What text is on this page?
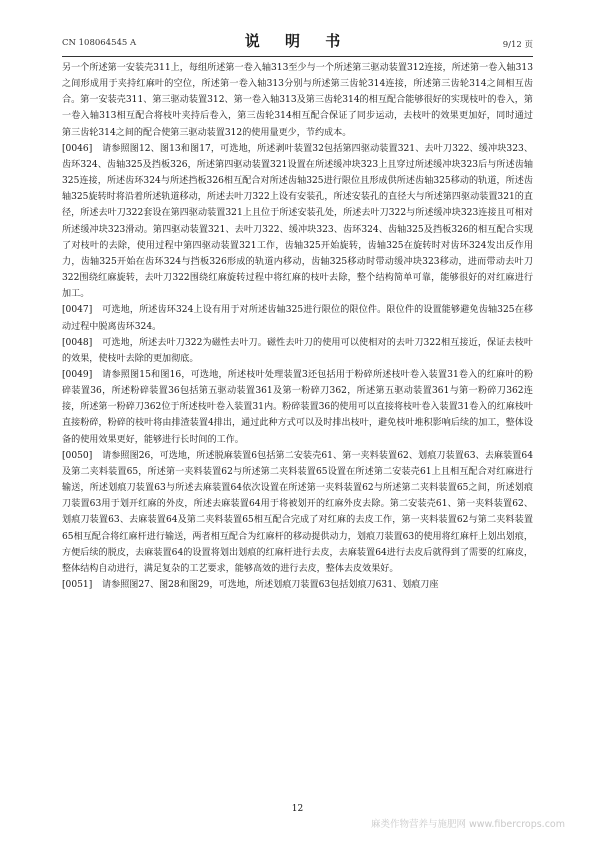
CN 108064545 A	说 明 书	9/12 页

另一个所述第一安装壳311上，每组所述第一卷入轴313至少与一个所述第三驱动装置312连接，所述第一卷入轴313之间形成用于夹持红麻叶的空位，所述第一卷入轴313分别与所述第三齿轮314连接，所述第三齿轮314之间相互齿合。第一安装壳311、第三驱动装置312、第一卷入轴313及第三齿轮314的相互配合能够很好的实现枝叶的卷入，第一卷入轴313相互配合将枝叶夹持后卷入，第三齿轮314相互配合保证了同步运动，去枝叶的效果更加好，同时通过第三齿轮314之间的配合使第三驱动装置312的使用量更少，节约成本。

[0046] 请参照图12、图13和图17，可选地，所述剥叶装置32包括第四驱动装置321、去叶刀322、缓冲块323、齿环324、齿轴325及挡板326，所述第四驱动装置321设置在所述缓冲块323上且穿过所述缓冲块323后与所述齿轴325连接，所述齿环324与所述挡板326相互配合对所述齿轴325进行限位且形成供所述齿轴325移动的轨道，所述齿轴325旋转时将沿着所述轨道移动，所述去叶刀322上设有安装孔，所述安装孔的直径大与所述第四驱动装置321的直径，所述去叶刀322套设在第四驱动装置321上且位于所述安装孔处，所述去叶刀322与所述缓冲块323连接且可相对所述缓冲块323滑动。第四驱动装置321、去叶刀322、缓冲块323、齿环324、齿轴325及挡板326的相互配合实现了对枝叶的去除，使用过程中第四驱动装置321工作，齿轴325开始旋转，齿轴325在旋转时对齿环324发出反作用力，齿轴325开始在齿环324与挡板326形成的轨道内移动，齿轴325移动时带动缓冲块323移动，进而带动去叶刀322围绕红麻旋转，去叶刀322围绕红麻旋转过程中将红麻的枝叶去除，整个结构简单可靠，能够很好的对红麻进行加工。

[0047] 可选地，所述齿环324上设有用于对所述齿轴325进行限位的限位件。限位件的设置能够避免齿轴325在移动过程中脱离齿环324。

[0048] 可选地，所述去叶刀322为磁性去叶刀。磁性去叶刀的使用可以使相对的去叶刀322相互接近，保证去枝叶的效果，使枝叶去除的更加彻底。

[0049] 请参照图15和图16，可选地，所述枝叶处理装置3还包括用于粉碎所述枝叶卷入装置31卷入的红麻叶的粉碎装置36，所述粉碎装置36包括第五驱动装置361及第一粉碎刀362，所述第五驱动装置361与第一粉碎刀362连接，所述第一粉碎刀362位于所述枝叶卷入装置31内。粉碎装置36的使用可以直接将枝叶卷入装置31卷入的红麻枝叶直接粉碎，粉碎的枝叶将由排渣装置4排出，通过此种方式可以及时排出枝叶，避免枝叶堆积影响后续的加工，整体设备的使用效果更好，能够进行长时间的工作。

[0050] 请参照图26，可选地，所述脱麻装置6包括第二安装壳61、第一夹料装置62、划痕刀装置63、去麻装置64及第二夹料装置65，所述第一夹料装置62与所述第二夹料装置65设置在所述第二安装壳61上且相互配合对红麻进行输送，所述划痕刀装置63与所述去麻装置64依次设置在所述第一夹料装置62与所述第二夹料装置65之间，所述划痕刀装置63用于划开红麻的外皮，所述去麻装置64用于将被划开的红麻外皮去除。第二安装壳61、第一夹料装置62、划痕刀装置63、去麻装置64及第二夹料装置65相互配合完成了对红麻的去皮工作，第一夹料装置62与第二夹料装置65相互配合将红麻杆进行输送，两者相互配合为红麻杆的移动提供动力，划痕刀装置63的使用将红麻杆上划出划痕，方便后续的脱皮，去麻装置64的设置将划出划痕的红麻杆进行去皮，去麻装置64进行去皮后就得到了需要的红麻皮，整体结构自动进行，满足复杂的工艺要求，能够高效的进行去皮，整体去皮效果好。

[0051] 请参照图27、图28和图29，可选地，所述划痕刀装置63包括划痕刀631、划痕刀座

12
麻类作物营养与施肥网 www.fibercrops.com
